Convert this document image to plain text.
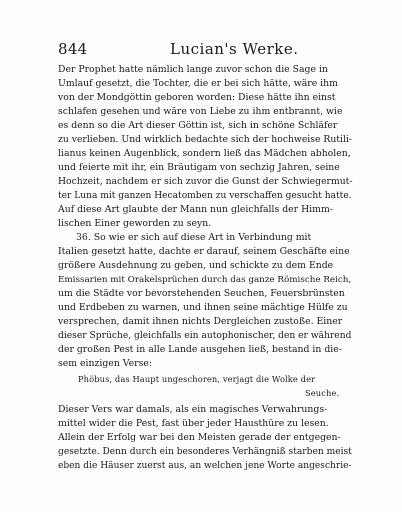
844	Lucian's Werke.
Der Prophet hatte nämlich lange zuvor schon die Sage in
Umlauf gesetzt, die Tochter, die er bei sich hätte, wäre ihm
von der Mondgöttin geboren worden: Diese hätte ihn einst
schlafen gesehen und wäre von Liebe zu ihm entbrannt, wie
es denn so die Art dieser Göttin ist, sich in schöne Schläfer
zu verlieben. Und wirklich bedachte sich der hochweise Rutili-
lianus keinen Augenblick, sondern ließ das Mädchen abholen,
und feierte mit ihr, ein Bräutigam von sechzig Jahren, seine
Hochzeit, nachdem er sich zuvor die Gunst der Schwiegermut-
ter Luna mit ganzen Hecatomben zu verschaffen gesucht hatte.
Auf diese Art glaubte der Mann nun gleichfalls der Himm-
lischen Einer geworden zu seyn.
36. So wie er sich auf diese Art in Verbindung mit
Italien gesetzt hatte, dachte er darauf, seinem Geschäfte eine
größere Ausdehnung zu geben, und schickte zu dem Ende
Emissarien mit Orakelsprüchen durch das ganze Römische Reich,
um die Städte vor bevorstehenden Seuchen, Feuersbrünsten
und Erdbeben zu warnen, und ihnen seine mächtige Hülfe zu
versprechen, damit ihnen nichts Dergleichen zustoße. Einer
dieser Sprüche, gleichfalls ein autophonischer, den er während
der großen Pest in alle Lande ausgehen ließ, bestand in die-
sem einzigen Verse:
Phöbus, das Haupt ungeschoren, verjagt die Wolke der
Seuche.
Dieser Vers war damals, als ein magisches Verwahrungs-
mittel wider die Pest, fast über jeder Hausthüre zu lesen.
Allein der Erfolg war bei den Meisten gerade der entgegen-
gesetzte. Denn durch ein besonderes Verhängniß starben meist
eben die Häuser zuerst aus, an welchen jene Worte angeschrie-
